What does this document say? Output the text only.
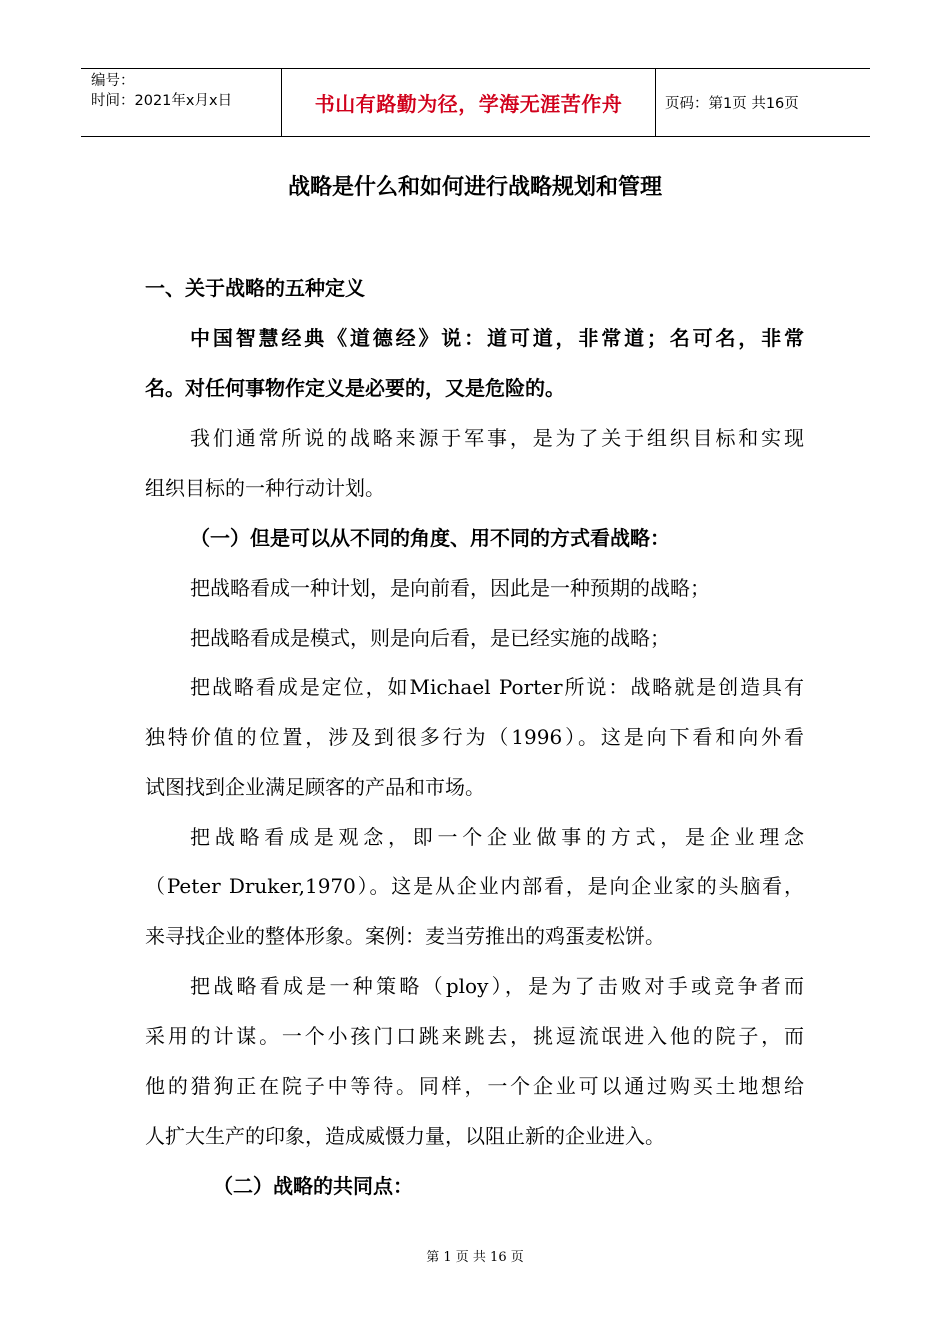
编号：
时间：2021年x月x日	书山有路勤为径，学海无涯苦作舟	页码：第1页 共16页
战略是什么和如何进行战略规划和管理
一、关于战略的五种定义
中国智慧经典《道德经》说：道可道，非常道；名可名，非常
名。对任何事物作定义是必要的，又是危险的。
我们通常所说的战略来源于军事，是为了关于组织目标和实现
组织目标的一种行动计划。
（一）但是可以从不同的角度、用不同的方式看战略：
把战略看成一种计划，是向前看，因此是一种预期的战略；
把战略看成是模式，则是向后看，是已经实施的战略；
把战略看成是定位，如Michael Porter所说：战略就是创造具有
独特价值的位置，涉及到很多行为（1996）。这是向下看和向外看
试图找到企业满足顾客的产品和市场。
把战略看成是观念，即一个企业做事的方式，是企业理念
（Peter Druker,1970）。这是从企业内部看，是向企业家的头脑看，
来寻找企业的整体形象。案例：麦当劳推出的鸡蛋麦松饼。
把战略看成是一种策略（ploy），是为了击败对手或竞争者而
采用的计谋。一个小孩门口跳来跳去，挑逗流氓进入他的院子，而
他的猎狗正在院子中等待。同样，一个企业可以通过购买土地想给
人扩大生产的印象，造成威慑力量，以阻止新的企业进入。
（二）战略的共同点：
第 1 页 共 16 页
